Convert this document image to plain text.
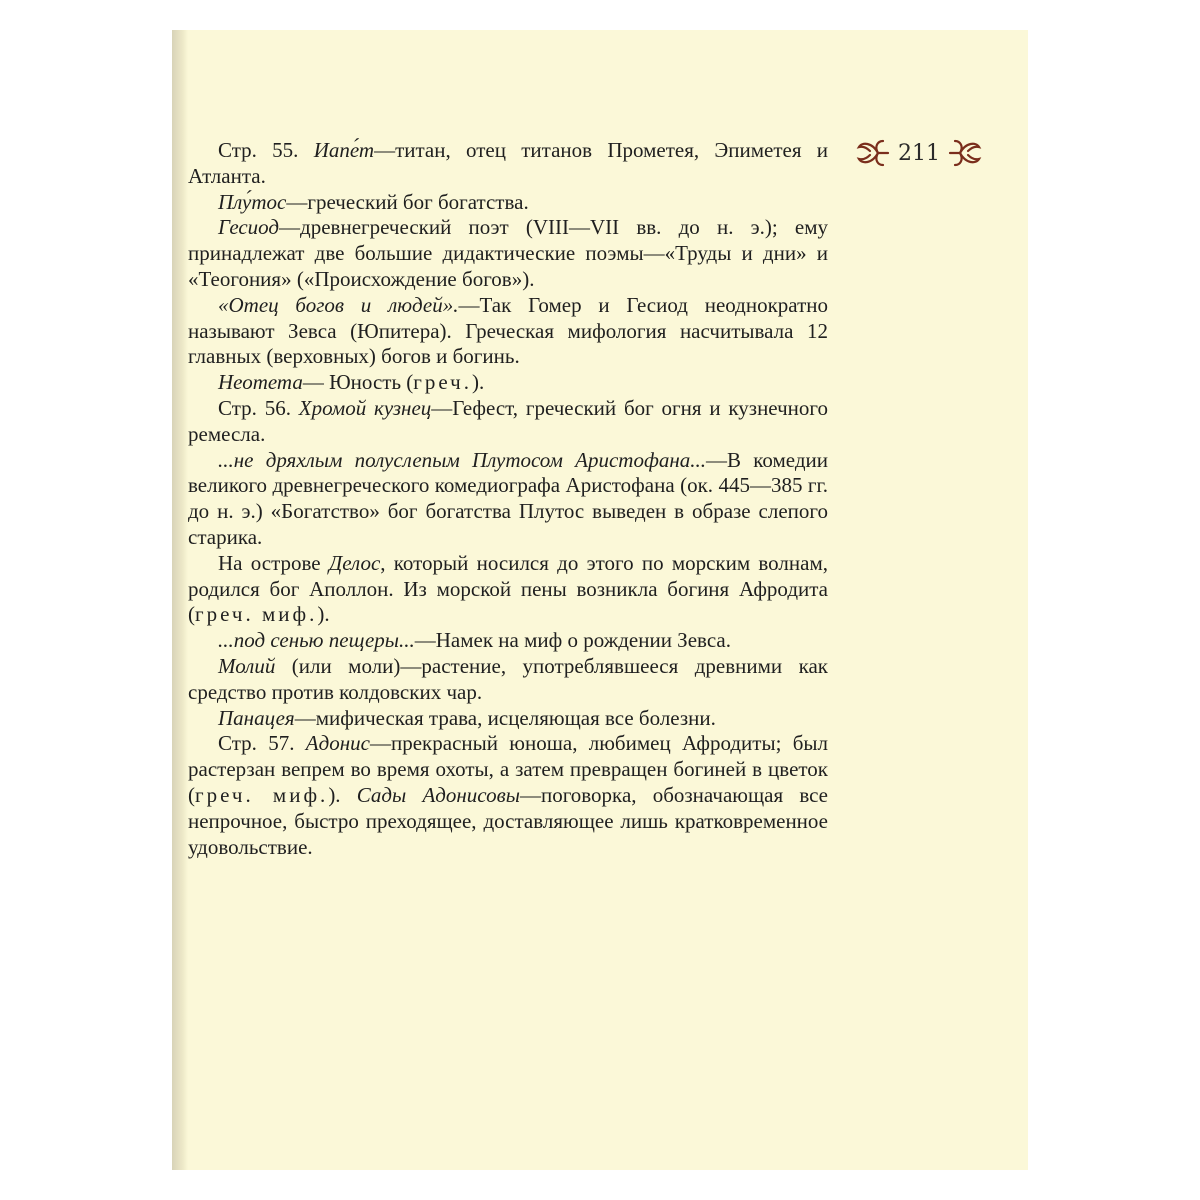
211

Стр. 55. Иапе́т—титан, отец титанов Прометея, Эпиметея и Атланта.

Плу́тос—греческий бог богатства.

Гесиод—древнегреческий поэт (VIII—VII вв. до н. э.); ему принадлежат две большие дидактические поэмы—«Труды и дни» и «Теогония» («Происхождение богов»).

«Отец богов и людей».—Так Гомер и Гесиод неоднократно называют Зевса (Юпитера). Греческая мифология насчитывала 12 главных (верховных) богов и богинь.

Неотета— Юность (греч.).

Стр. 56. Хромой кузнец—Гефест, греческий бог огня и кузнечного ремесла.

...не дряхлым полуслепым Плутосом Аристофана...—В комедии великого древнегреческого комедиографа Аристофана (ок. 445—385 гг. до н. э.) «Богатство» бог богатства Плутос выведен в образе слепого старика.

На острове Делос, который носился до этого по морским волнам, родился бог Аполлон. Из морской пены возникла богиня Афродита (греч. миф.).

...под сенью пещеры...—Намек на миф о рождении Зевса.

Молий (или моли)—растение, употреблявшееся древними как средство против колдовских чар.

Панацея—мифическая трава, исцеляющая все болезни.

Стр. 57. Адонис—прекрасный юноша, любимец Афродиты; был растерзан вепрем во время охоты, а затем превращен богиней в цветок (греч. миф.). Сады Адонисовы—поговорка, обозначающая все непрочное, быстро преходящее, доставляющее лишь кратковременное удовольствие.
